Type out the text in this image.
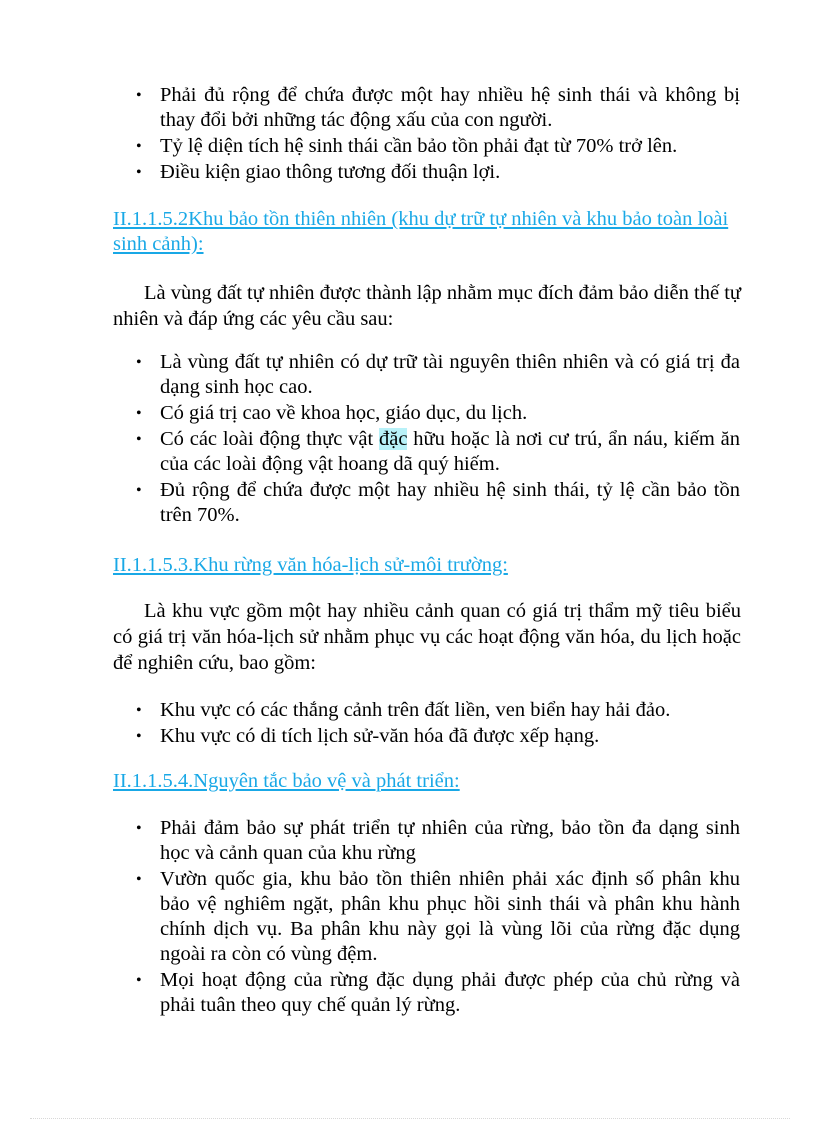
• Phải đủ rộng để chứa được một hay nhiều hệ sinh thái và không bị thay đổi bởi những tác động xấu của con người.
• Tỷ lệ diện tích hệ sinh thái cần bảo tồn phải đạt từ 70% trở lên.
• Điều kiện giao thông tương đối thuận lợi.
II.1.1.5.2Khu bảo tồn thiên nhiên (khu dự trữ tự nhiên và khu bảo toàn loài sinh cảnh):
Là vùng đất tự nhiên được thành lập nhằm mục đích đảm bảo diễn thế tự nhiên và đáp ứng các yêu cầu sau:
• Là vùng đất tự nhiên có dự trữ tài nguyên thiên nhiên và có giá trị đa dạng sinh học cao.
• Có giá trị cao về khoa học, giáo dục, du lịch.
• Có các loài động thực vật đặc hữu hoặc là nơi cư trú, ẩn náu, kiếm ăn của các loài động vật hoang dã quý hiếm.
• Đủ rộng để chứa được một hay nhiều hệ sinh thái, tỷ lệ cần bảo tồn trên 70%.
II.1.1.5.3.Khu rừng văn hóa-lịch sử-môi trường:
Là khu vực gồm một hay nhiều cảnh quan có giá trị thẩm mỹ tiêu biểu có giá trị văn hóa-lịch sử nhằm phục vụ các hoạt động văn hóa, du lịch hoặc để nghiên cứu, bao gồm:
• Khu vực có các thắng cảnh trên đất liền, ven biển hay hải đảo.
• Khu vực có di tích lịch sử-văn hóa đã được xếp hạng.
II.1.1.5.4.Nguyên tắc bảo vệ và phát triển:
• Phải đảm bảo sự phát triển tự nhiên của rừng, bảo tồn đa dạng sinh học và cảnh quan của khu rừng
• Vườn quốc gia, khu bảo tồn thiên nhiên phải xác định số phân khu bảo vệ nghiêm ngặt, phân khu phục hồi sinh thái và phân khu hành chính dịch vụ. Ba phân khu này gọi là vùng lõi của rừng đặc dụng ngoài ra còn có vùng đệm.
• Mọi hoạt động của rừng đặc dụng phải được phép của chủ rừng và phải tuân theo quy chế quản lý rừng.
